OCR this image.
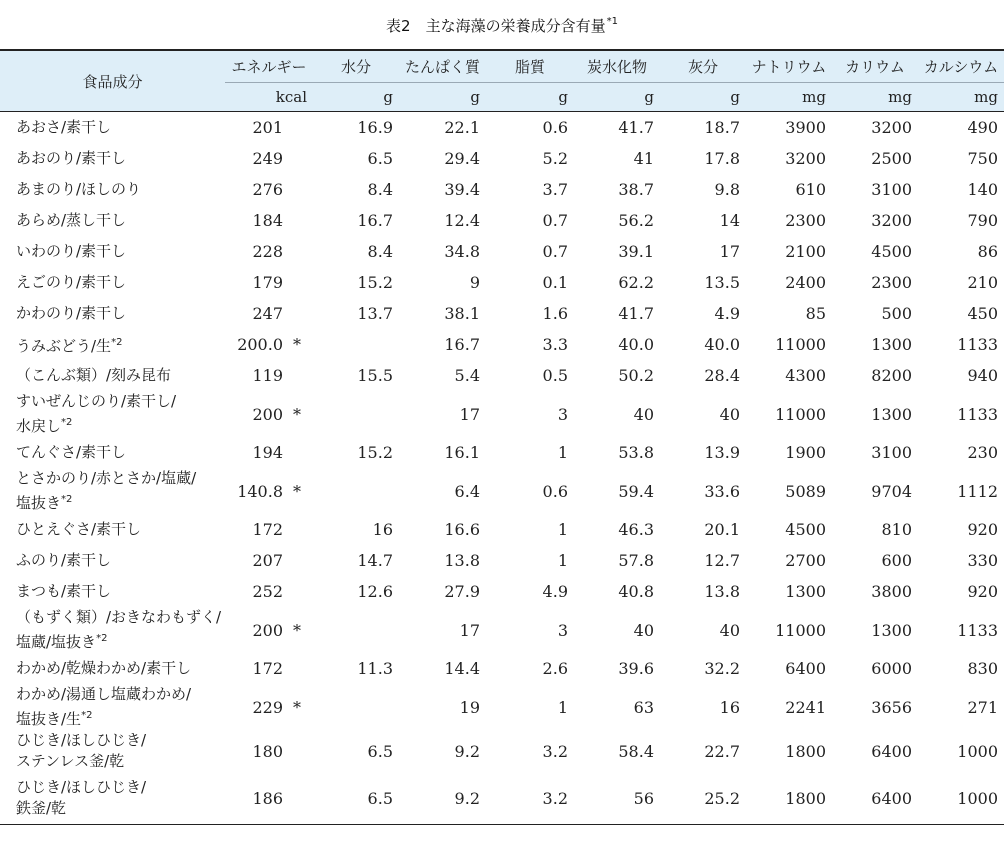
表2　主な海藻の栄養成分含有量$^{*1}$
食品成分	エネルギー	水分	たんぱく質	脂質	炭水化物	灰分	ナトリウム	カリウム	カルシウム
	kcal	g	g	g	g	g	mg	mg	mg
あおさ/素干し	201	16.9	22.1	0.6	41.7	18.7	3900	3200	490
あおのり/素干し	249	6.5	29.4	5.2	41	17.8	3200	2500	750
あまのり/ほしのり	276	8.4	39.4	3.7	38.7	9.8	610	3100	140
あらめ/蒸し干し	184	16.7	12.4	0.7	56.2	14	2300	3200	790
いわのり/素干し	228	8.4	34.8	0.7	39.1	17	2100	4500	86
えごのり/素干し	179	15.2	9	0.1	62.2	13.5	2400	2300	210
かわのり/素干し	247	13.7	38.1	1.6	41.7	4.9	85	500	450
うみぶどう/生$^{*2}$	200.0 *		16.7	3.3	40.0	40.0	11000	1300	1133
（こんぶ類）/刻み昆布	119	15.5	5.4	0.5	50.2	28.4	4300	8200	940
すいぜんじのり/素干し/
水戻し$^{*2}$	200 *		17	3	40	40	11000	1300	1133
てんぐさ/素干し	194	15.2	16.1	1	53.8	13.9	1900	3100	230
とさかのり/赤とさか/塩蔵/
塩抜き$^{*2}$	140.8 *		6.4	0.6	59.4	33.6	5089	9704	1112
ひとえぐさ/素干し	172	16	16.6	1	46.3	20.1	4500	810	920
ふのり/素干し	207	14.7	13.8	1	57.8	12.7	2700	600	330
まつも/素干し	252	12.6	27.9	4.9	40.8	13.8	1300	3800	920
（もずく類）/おきなわもずく/
塩蔵/塩抜き$^{*2}$	200 *		17	3	40	40	11000	1300	1133
わかめ/乾燥わかめ/素干し	172	11.3	14.4	2.6	39.6	32.2	6400	6000	830
わかめ/湯通し塩蔵わかめ/
塩抜き/生$^{*2}$	229 *		19	1	63	16	2241	3656	271
ひじき/ほしひじき/
ステンレス釜/乾	180	6.5	9.2	3.2	58.4	22.7	1800	6400	1000
ひじき/ほしひじき/
鉄釜/乾	186	6.5	9.2	3.2	56	25.2	1800	6400	1000
